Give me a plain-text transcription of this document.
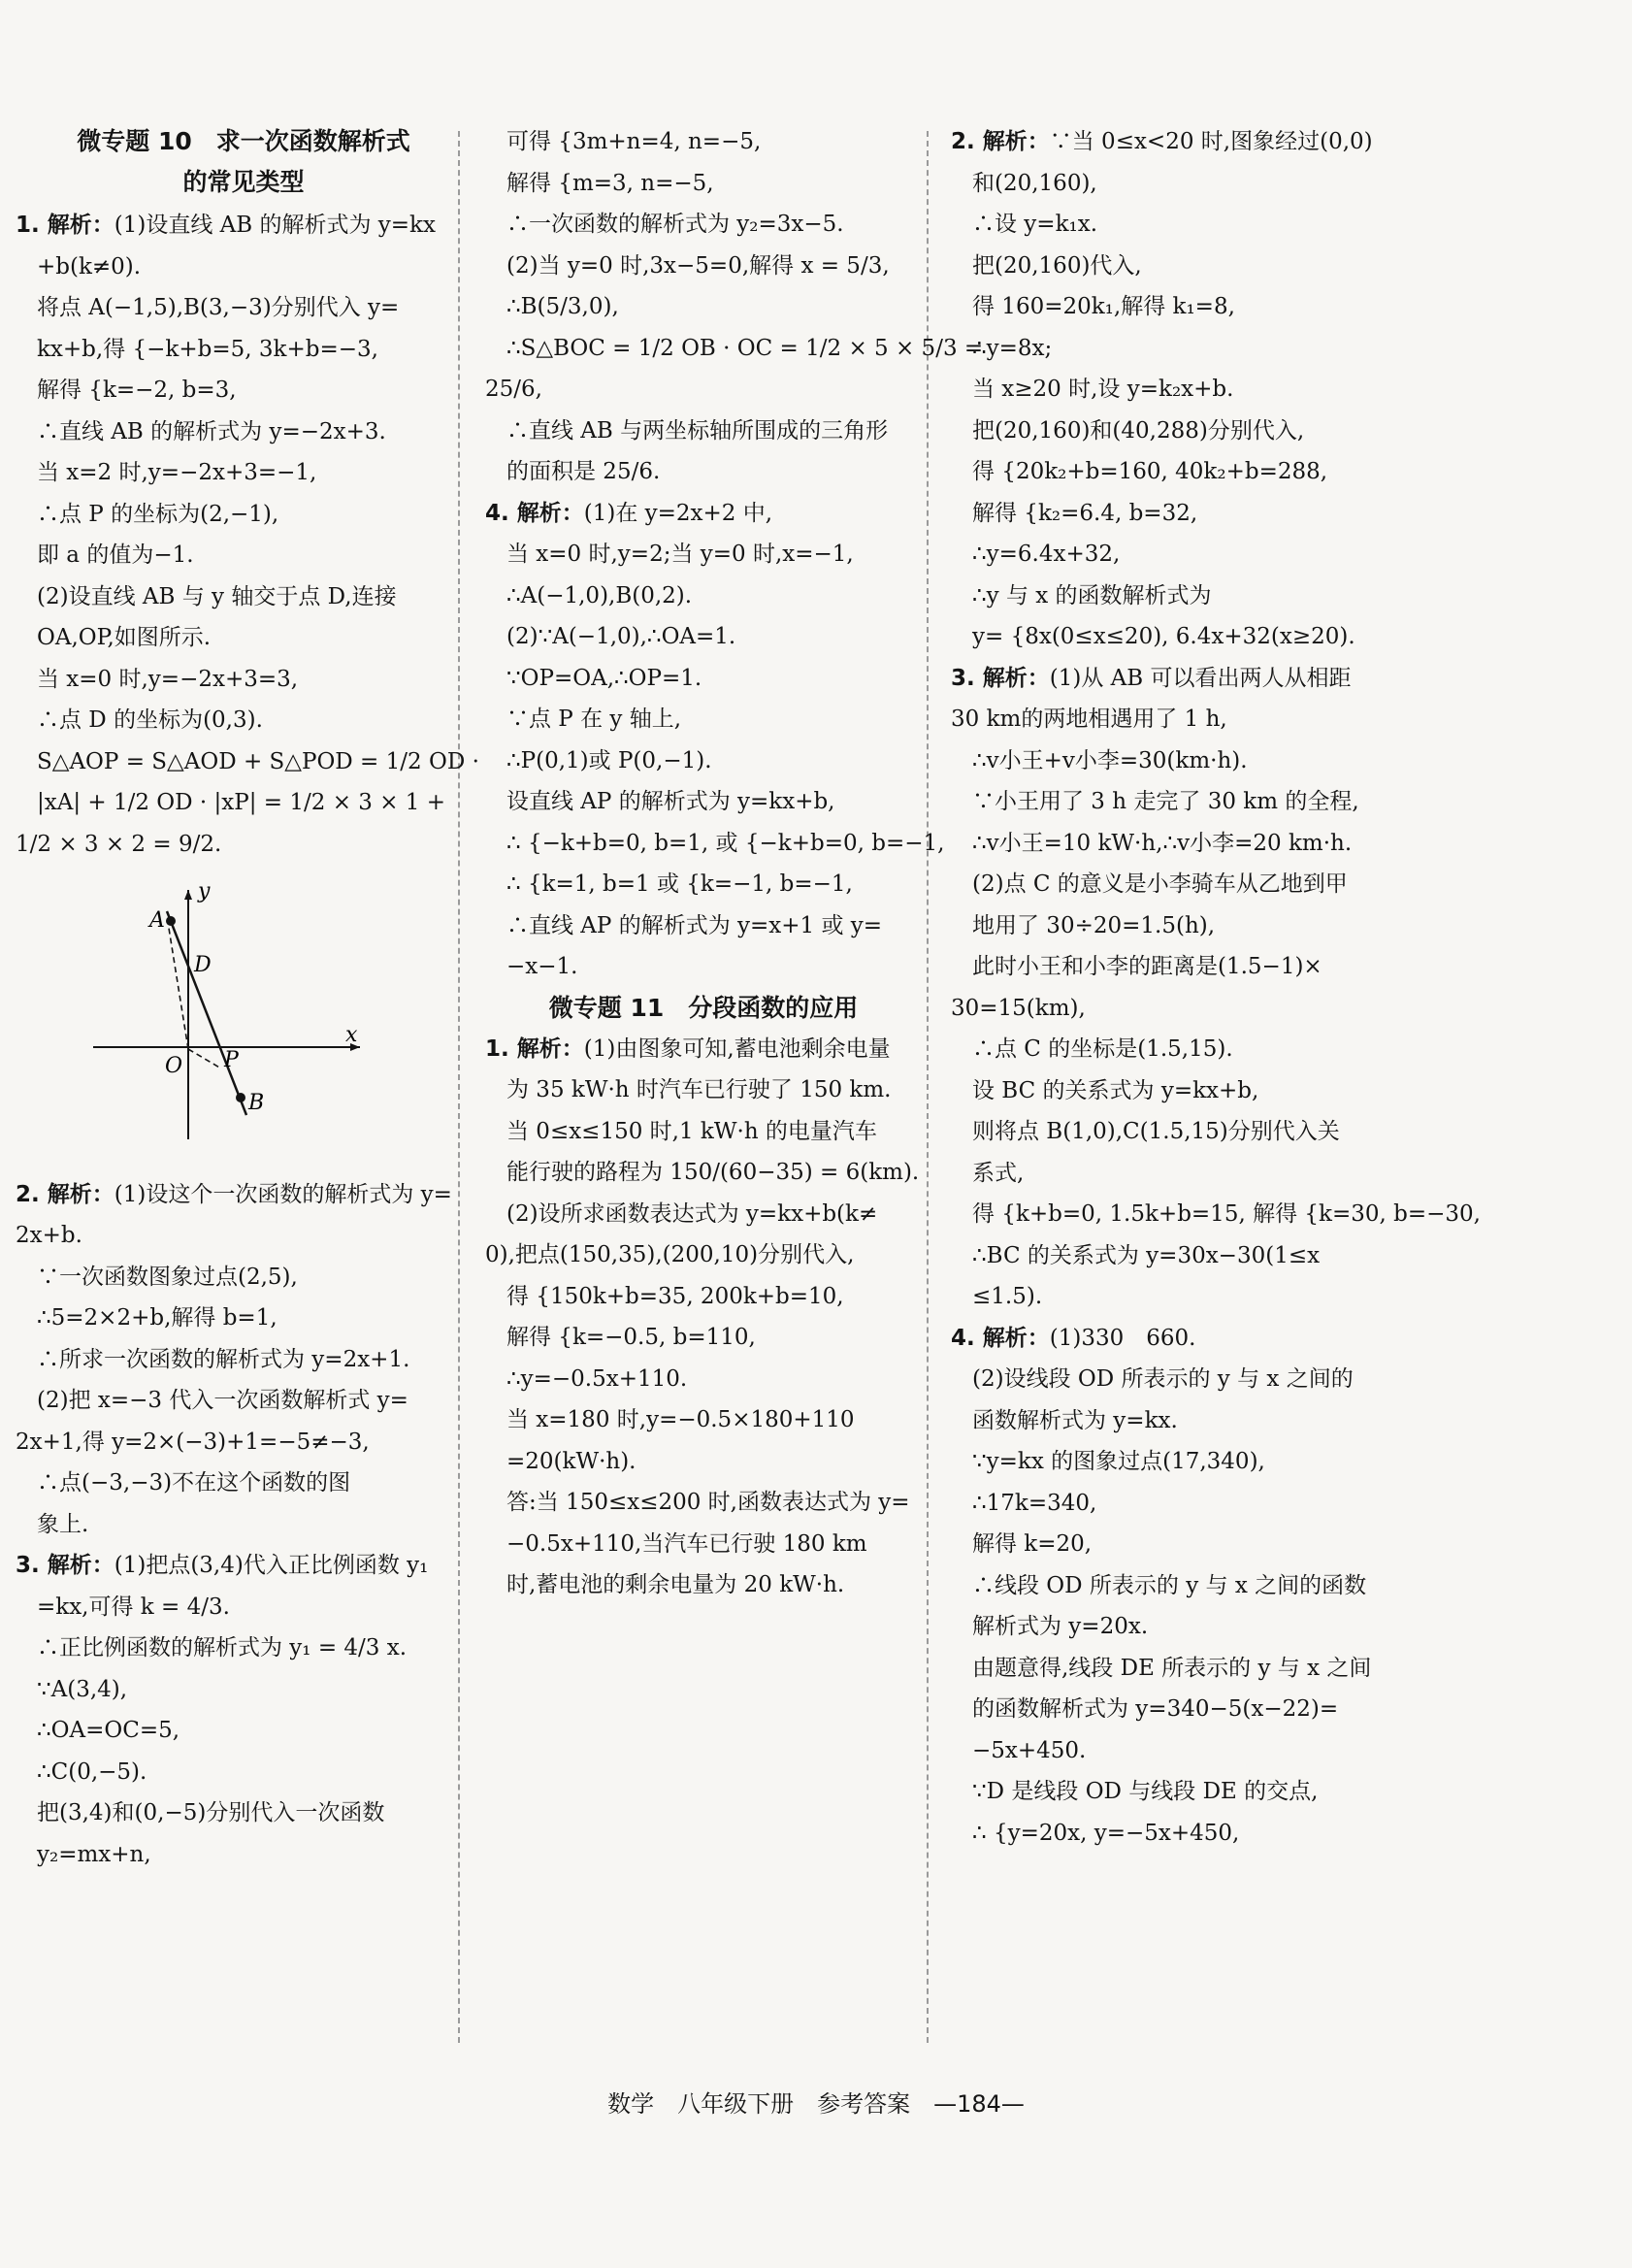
微专题 10　求一次函数解析式
的常见类型
1. 解析：(1)设直线 AB 的解析式为 y=kx
+b(k≠0).
将点 A(−1,5),B(3,−3)分别代入 y=
kx+b,得 {−k+b=5, 3k+b=−3,
解得 {k=−2, b=3,
∴直线 AB 的解析式为 y=−2x+3.
当 x=2 时,y=−2x+3=−1,
∴点 P 的坐标为(2,−1),
即 a 的值为−1.
(2)设直线 AB 与 y 轴交于点 D,连接
OA,OP,如图所示.
当 x=0 时,y=−2x+3=3,
∴点 D 的坐标为(0,3).
S△AOP = S△AOD + S△POD = 1/2 OD ·
|xA| + 1/2 OD · |xP| = 1/2 × 3 × 1 +
1/2 × 3 × 2 = 9/2.
y
x
O
A
B
D
P
2. 解析：(1)设这个一次函数的解析式为 y=
2x+b.
∵一次函数图象过点(2,5),
∴5=2×2+b,解得 b=1,
∴所求一次函数的解析式为 y=2x+1.
(2)把 x=−3 代入一次函数解析式 y=
2x+1,得 y=2×(−3)+1=−5≠−3,
∴点(−3,−3)不在这个函数的图
象上.
3. 解析：(1)把点(3,4)代入正比例函数 y₁
=kx,可得 k = 4/3.
∴正比例函数的解析式为 y₁ = 4/3 x.
∵A(3,4),
∴OA=OC=5,
∴C(0,−5).
把(3,4)和(0,−5)分别代入一次函数
y₂=mx+n,
可得 {3m+n=4, n=−5,
解得 {m=3, n=−5,
∴一次函数的解析式为 y₂=3x−5.
(2)当 y=0 时,3x−5=0,解得 x = 5/3,
∴B(5/3,0),
∴S△BOC = 1/2 OB · OC = 1/2 × 5 × 5/3 =
25/6,
∴直线 AB 与两坐标轴所围成的三角形
的面积是 25/6.
4. 解析：(1)在 y=2x+2 中,
当 x=0 时,y=2;当 y=0 时,x=−1,
∴A(−1,0),B(0,2).
(2)∵A(−1,0),∴OA=1.
∵OP=OA,∴OP=1.
∵点 P 在 y 轴上,
∴P(0,1)或 P(0,−1).
设直线 AP 的解析式为 y=kx+b,
∴ {−k+b=0, b=1, 或 {−k+b=0, b=−1,
∴ {k=1, b=1 或 {k=−1, b=−1,
∴直线 AP 的解析式为 y=x+1 或 y=
−x−1.
微专题 11　分段函数的应用
1. 解析：(1)由图象可知,蓄电池剩余电量
为 35 kW·h 时汽车已行驶了 150 km.
当 0≤x≤150 时,1 kW·h 的电量汽车
能行驶的路程为 150/(60−35) = 6(km).
(2)设所求函数表达式为 y=kx+b(k≠
0),把点(150,35),(200,10)分别代入,
得 {150k+b=35, 200k+b=10,
解得 {k=−0.5, b=110,
∴y=−0.5x+110.
当 x=180 时,y=−0.5×180+110
=20(kW·h).
答:当 150≤x≤200 时,函数表达式为 y=
−0.5x+110,当汽车已行驶 180 km
时,蓄电池的剩余电量为 20 kW·h.
2. 解析：∵当 0≤x<20 时,图象经过(0,0)
和(20,160),
∴设 y=k₁x.
把(20,160)代入,
得 160=20k₁,解得 k₁=8,
∴y=8x;
当 x≥20 时,设 y=k₂x+b.
把(20,160)和(40,288)分别代入,
得 {20k₂+b=160, 40k₂+b=288,
解得 {k₂=6.4, b=32,
∴y=6.4x+32,
∴y 与 x 的函数解析式为
y= {8x(0≤x≤20), 6.4x+32(x≥20).
3. 解析：(1)从 AB 可以看出两人从相距
30 km的两地相遇用了 1 h,
∴v小王+v小李=30(km·h).
∵小王用了 3 h 走完了 30 km 的全程,
∴v小王=10 kW·h,∴v小李=20 km·h.
(2)点 C 的意义是小李骑车从乙地到甲
地用了 30÷20=1.5(h),
此时小王和小李的距离是(1.5−1)×
30=15(km),
∴点 C 的坐标是(1.5,15).
设 BC 的关系式为 y=kx+b,
则将点 B(1,0),C(1.5,15)分别代入关
系式,
得 {k+b=0, 1.5k+b=15, 解得 {k=30, b=−30,
∴BC 的关系式为 y=30x−30(1≤x
≤1.5).
4. 解析：(1)330　660.
(2)设线段 OD 所表示的 y 与 x 之间的
函数解析式为 y=kx.
∵y=kx 的图象过点(17,340),
∴17k=340,
解得 k=20,
∴线段 OD 所表示的 y 与 x 之间的函数
解析式为 y=20x.
由题意得,线段 DE 所表示的 y 与 x 之间
的函数解析式为 y=340−5(x−22)=
−5x+450.
∵D 是线段 OD 与线段 DE 的交点,
∴ {y=20x, y=−5x+450,
数学　八年级下册　参考答案　—184—
